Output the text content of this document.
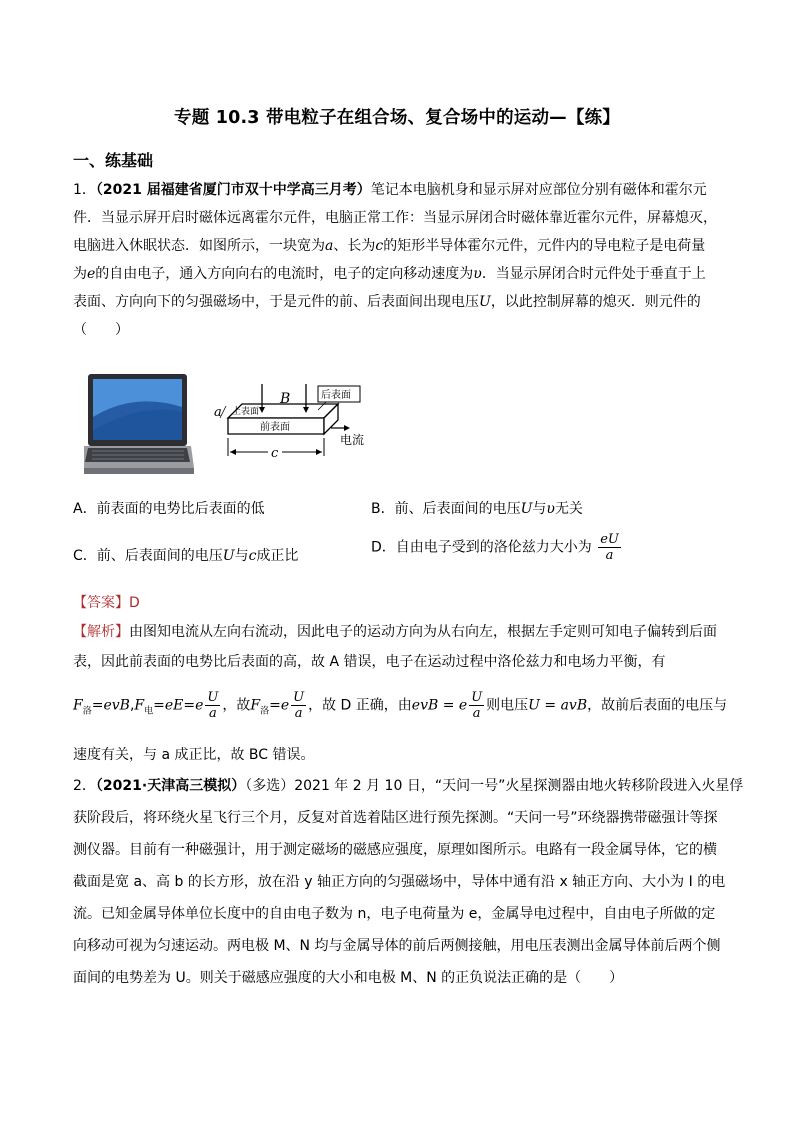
专题 10.3 带电粒子在组合场、复合场中的运动—【练】
一、练基础
1．（2021 届福建省厦门市双十中学高三月考）笔记本电脑机身和显示屏对应部位分别有磁体和霍尔元
件．当显示屏开启时磁体远离霍尔元件，电脑正常工作：当显示屏闭合时磁体靠近霍尔元件，屏幕熄灭，
电脑进入休眠状态．如图所示，一块宽为a、长为c的矩形半导体霍尔元件，元件内的导电粒子是电荷量
为e的自由电子，通入方向向右的电流时，电子的定向移动速度为υ．当显示屏闭合时元件处于垂直于上
表面、方向向下的匀强磁场中，于是元件的前、后表面间出现电压U，以此控制屏幕的熄灭．则元件的
（　　）
B	后表面
上表面
前表面
a
c
电流
A．前表面的电势比后表面的低	B．前、后表面间的电压U与υ无关
C．前、后表面间的电压U与c成正比
D．自由电子受到的洛伦兹力大小为 $\frac{eU}{a}$
【答案】D
【解析】由图知电流从左向右流动，因此电子的运动方向为从右向左，根据左手定则可知电子偏转到后面
表，因此前表面的电势比后表面的高，故 A 错误，电子在运动过程中洛伦兹力和电场力平衡，有
$F_洛=evB,F_电=eE=e \frac{U}{a}$ ，故$F_洛=e \frac{U}{a}$ ，故 D 正确，由evB = e $\frac{U}{a}$ 则电压U = avB，故前后表面的电压与
速度有关，与 a 成正比，故 BC 错误。
2．（2021·天津高三模拟）（多选）2021 年 2 月 10 日，“天问一号”火星探测器由地火转移阶段进入火星俘
获阶段后，将环绕火星飞行三个月，反复对首选着陆区进行预先探测。“天问一号”环绕器携带磁强计等探
测仪器。目前有一种磁强计，用于测定磁场的磁感应强度，原理如图所示。电路有一段金属导体，它的横
截面是宽 a、高 b 的长方形，放在沿 y 轴正方向的匀强磁场中，导体中通有沿 x 轴正方向、大小为 I 的电
流。已知金属导体单位长度中的自由电子数为 n，电子电荷量为 e，金属导电过程中，自由电子所做的定
向移动可视为匀速运动。两电极 M、N 均与金属导体的前后两侧接触，用电压表测出金属导体前后两个侧
面间的电势差为 U。则关于磁感应强度的大小和电极 M、N 的正负说法正确的是（　　）
